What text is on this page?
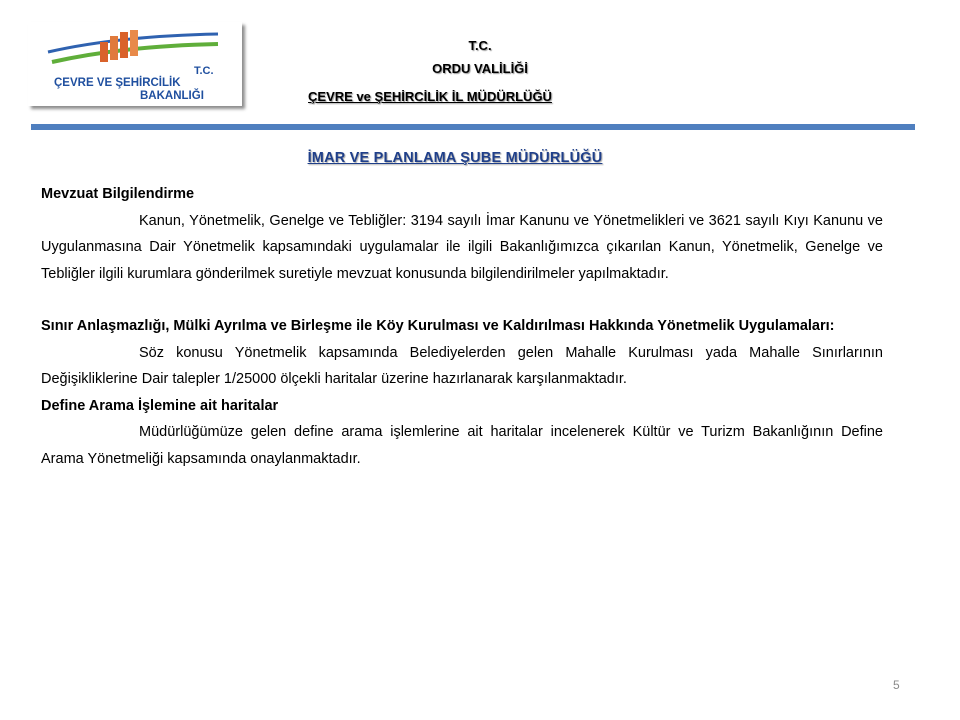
T.C.
ÇEVRE VE ŞEHİRCİLİK
BAKANLIĞI
T.C.
ORDU VALİLİĞİ
ÇEVRE ve ŞEHİRCİLİK İL MÜDÜRLÜĞÜ
İMAR VE PLANLAMA ŞUBE MÜDÜRLÜĞÜ
Mevzuat Bilgilendirme

Kanun, Yönetmelik, Genelge ve Tebliğler: 3194 sayılı İmar Kanunu ve Yönetmelikleri ve 3621 sayılı Kıyı Kanunu ve Uygulanmasına Dair Yönetmelik kapsamındaki uygulamalar ile ilgili Bakanlığımızca çıkarılan Kanun, Yönetmelik, Genelge ve Tebliğler ilgili kurumlara gönderilmek suretiyle mevzuat konusunda bilgilendirilmeler yapılmaktadır.

Sınır Anlaşmazlığı, Mülki Ayrılma ve Birleşme ile Köy Kurulması ve Kaldırılması Hakkında Yönetmelik Uygulamaları:

Söz konusu Yönetmelik kapsamında Belediyelerden gelen Mahalle Kurulması yada Mahalle Sınırlarının Değişikliklerine Dair talepler 1/25000 ölçekli haritalar üzerine hazırlanarak karşılanmaktadır.

Define Arama İşlemine ait haritalar

Müdürlüğümüze gelen define arama işlemlerine ait haritalar incelenerek Kültür ve Turizm Bakanlığının Define Arama Yönetmeliği kapsamında onaylanmaktadır.

5
